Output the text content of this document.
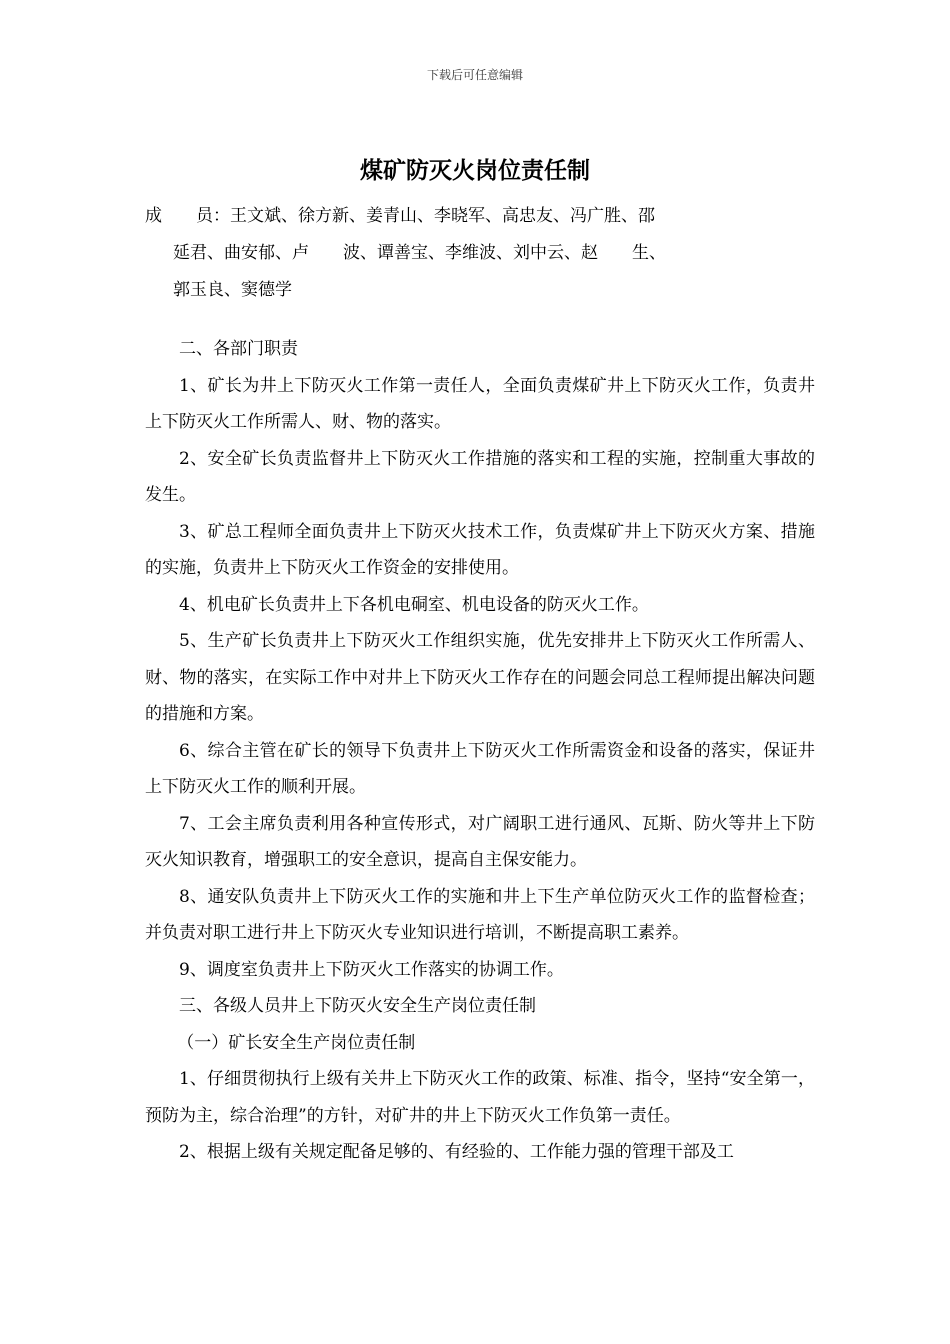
下载后可任意编辑
煤矿防灭火岗位责任制
成　　员：王文斌、徐方新、姜青山、李晓军、高忠友、冯广胜、邵
延君、曲安郁、卢　　波、谭善宝、李维波、刘中云、赵　　生、
郭玉良、窦德学

二、各部门职责

1、矿长为井上下防灭火工作第一责任人，全面负责煤矿井上下防灭火工作，负责井上下防灭火工作所需人、财、物的落实。

2、安全矿长负责监督井上下防灭火工作措施的落实和工程的实施，控制重大事故的发生。

3、矿总工程师全面负责井上下防灭火技术工作，负责煤矿井上下防灭火方案、措施的实施，负责井上下防灭火工作资金的安排使用。

4、机电矿长负责井上下各机电硐室、机电设备的防灭火工作。

5、生产矿长负责井上下防灭火工作组织实施，优先安排井上下防灭火工作所需人、财、物的落实，在实际工作中对井上下防灭火工作存在的问题会同总工程师提出解决问题的措施和方案。

6、综合主管在矿长的领导下负责井上下防灭火工作所需资金和设备的落实，保证井上下防灭火工作的顺利开展。

7、工会主席负责利用各种宣传形式，对广阔职工进行通风、瓦斯、防火等井上下防灭火知识教育，增强职工的安全意识，提高自主保安能力。

8、通安队负责井上下防灭火工作的实施和井上下生产单位防灭火工作的监督检查；并负责对职工进行井上下防灭火专业知识进行培训，不断提高职工素养。

9、调度室负责井上下防灭火工作落实的协调工作。

三、各级人员井上下防灭火安全生产岗位责任制

（一）矿长安全生产岗位责任制

1、仔细贯彻执行上级有关井上下防灭火工作的政策、标准、指令，坚持“安全第一，预防为主，综合治理”的方针，对矿井的井上下防灭火工作负第一责任。

2、根据上级有关规定配备足够的、有经验的、工作能力强的管理干部及工
